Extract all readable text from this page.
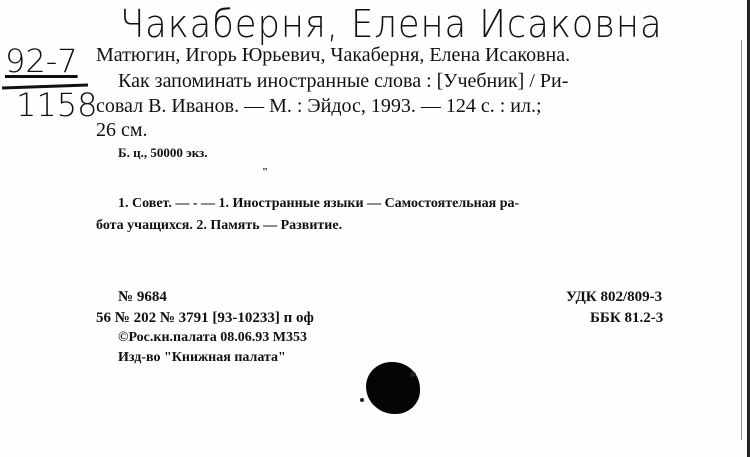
Чакаберня, Елена Исаковна
92-7
1158
Матюгин, Игорь Юрьевич, Чакаберня, Елена Исаковна.
Как запоминать иностранные слова : [Учебник] / Ри-
совал В. Иванов. — М. : Эйдос, 1993. — 124 с. : ил.;
26 см.
Б. ц., 50000 экз.
"
1. Совет. — - — 1. Иностранные языки — Самостоятельная ра-
бота учащихся. 2. Память — Развитие.
№ 9684
56 № 202 № 3791 [93-10233] п оф
©Рос.кн.палата 08.06.93 М353
Изд-во "Книжная палата"
УДК 802/809-3
ББК 81.2-3
